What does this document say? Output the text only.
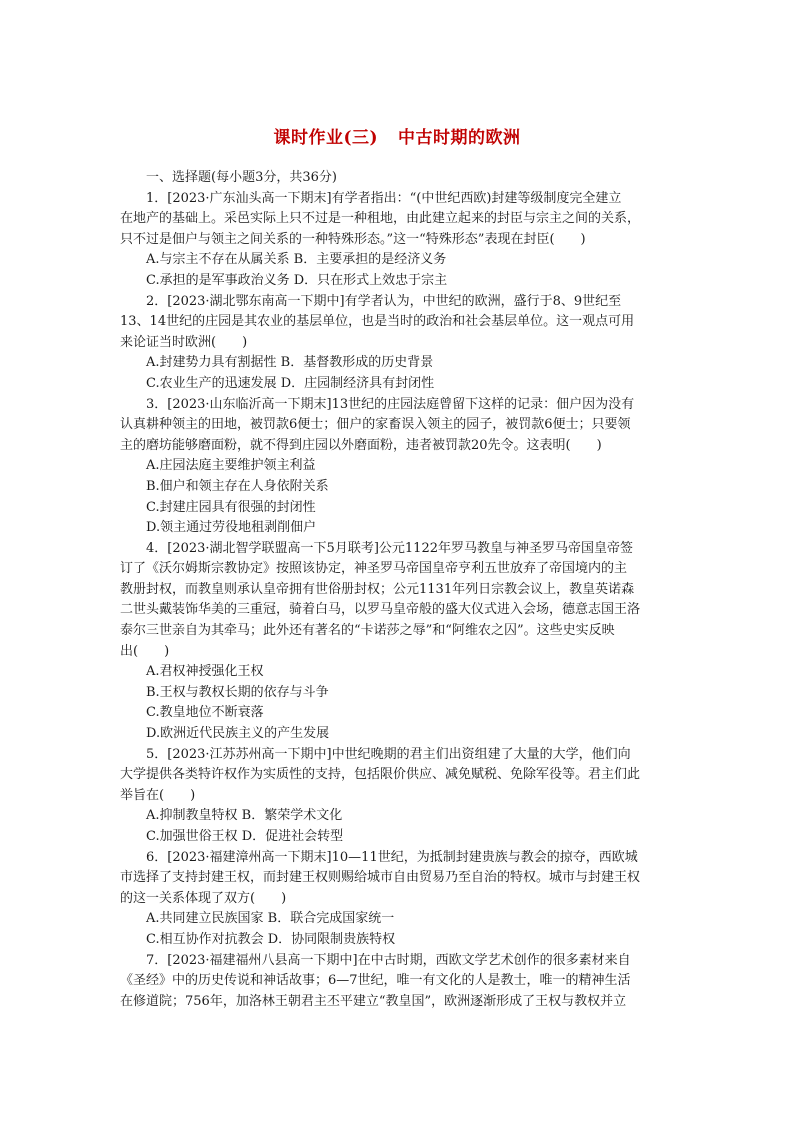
课时作业(三) 中古时期的欧洲
一、选择题(每小题3分，共36分)
1．[2023·广东汕头高一下期末]有学者指出：“(中世纪西欧)封建等级制度完全建立
在地产的基础上。采邑实际上只不过是一种租地，由此建立起来的封臣与宗主之间的关系，
只不过是佃户与领主之间关系的一种特殊形态。”这一“特殊形态”表现在封臣(　　)
A.与宗主不存在从属关系 B．主要承担的是经济义务
C.承担的是军事政治义务 D．只在形式上效忠于宗主
2．[2023·湖北鄂东南高一下期中]有学者认为，中世纪的欧洲，盛行于8、9世纪至
13、14世纪的庄园是其农业的基层单位，也是当时的政治和社会基层单位。这一观点可用
来论证当时欧洲(　　)
A.封建势力具有割据性 B．基督教形成的历史背景
C.农业生产的迅速发展 D．庄园制经济具有封闭性
3．[2023·山东临沂高一下期末]13世纪的庄园法庭曾留下这样的记录：佃户因为没有
认真耕种领主的田地，被罚款6便士；佃户的家畜误入领主的园子，被罚款6便士；只要领
主的磨坊能够磨面粉，就不得到庄园以外磨面粉，违者被罚款20先令。这表明(　　)
A.庄园法庭主要维护领主利益
B.佃户和领主存在人身依附关系
C.封建庄园具有很强的封闭性
D.领主通过劳役地租剥削佃户
4．[2023·湖北智学联盟高一下5月联考]公元1122年罗马教皇与神圣罗马帝国皇帝签
订了《沃尔姆斯宗教协定》按照该协定，神圣罗马帝国皇帝亨利五世放弃了帝国境内的主
教册封权，而教皇则承认皇帝拥有世俗册封权；公元1131年列日宗教会议上，教皇英诺森
二世头戴装饰华美的三重冠，骑着白马，以罗马皇帝般的盛大仪式进入会场，德意志国王洛
泰尔三世亲自为其牵马；此外还有著名的“卡诺莎之辱”和“阿维农之囚”。这些史实反映
出(　　)
A.君权神授强化王权
B.王权与教权长期的依存与斗争
C.教皇地位不断衰落
D.欧洲近代民族主义的产生发展
5．[2023·江苏苏州高一下期中]中世纪晚期的君主们出资组建了大量的大学，他们向
大学提供各类特许权作为实质性的支持，包括限价供应、减免赋税、免除军役等。君主们此
举旨在(　　)
A.抑制教皇特权 B．繁荣学术文化
C.加强世俗王权 D．促进社会转型
6．[2023·福建漳州高一下期末]10—11世纪，为抵制封建贵族与教会的掠夺，西欧城
市选择了支持封建王权，而封建王权则赐给城市自由贸易乃至自治的特权。城市与封建王权
的这一关系体现了双方(　　)
A.共同建立民族国家 B．联合完成国家统一
C.相互协作对抗教会 D．协同限制贵族特权
7．[2023·福建福州八县高一下期中]在中古时期，西欧文学艺术创作的很多素材来自
《圣经》中的历史传说和神话故事；6—7世纪，唯一有文化的人是教士，唯一的精神生活
在修道院；756年，加洛林王朝君主丕平建立“教皇国”，欧洲逐渐形成了王权与教权并立
